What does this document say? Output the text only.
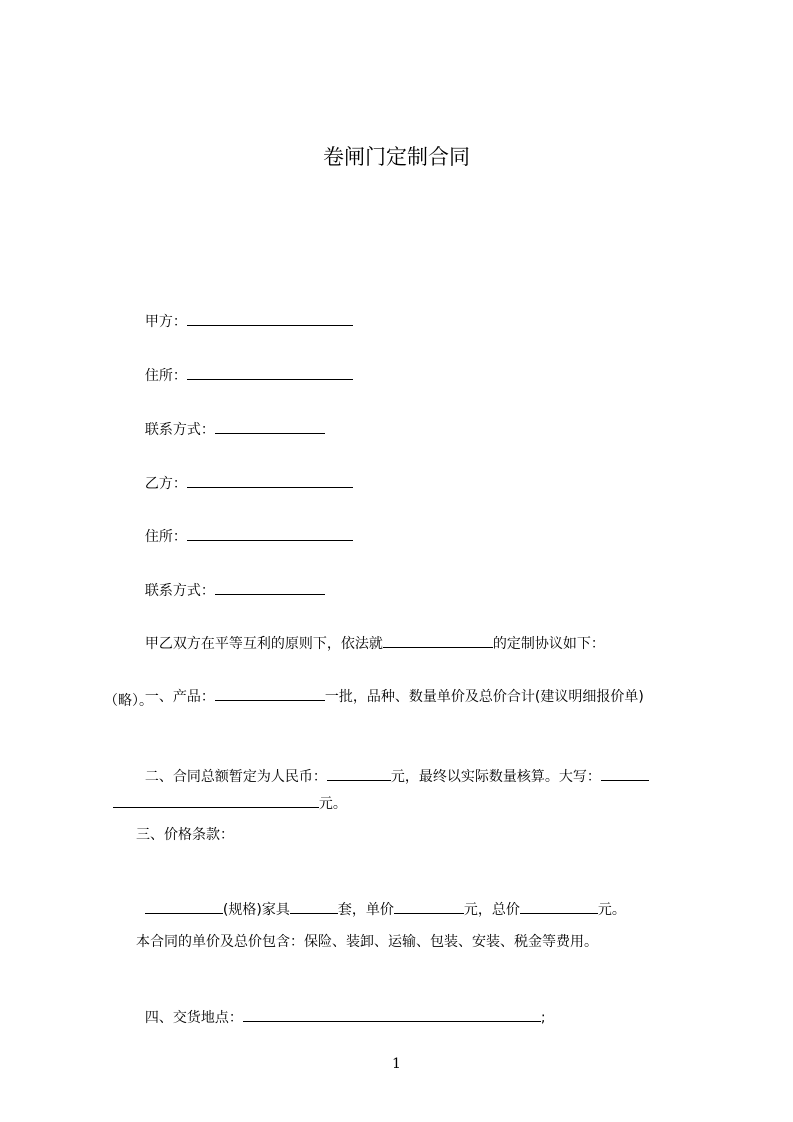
卷闸门定制合同

甲方：

住所：

联系方式：

乙方：

住所：

联系方式：

甲乙双方在平等互利的原则下，依法就	的定制协议如下：

一、产品：	一批，品种、数量单价及总价合计(建议明细报价单)

（略）。

二、合同总额暂定为人民币：	元，最终以实际数量核算。大写：

元。

三、价格条款：

(规格)家具	套，单价	元，总价	元。

本合同的单价及总价包含：保险、装卸、运输、包装、安装、税金等费用。

四、交货地点：	;

1
